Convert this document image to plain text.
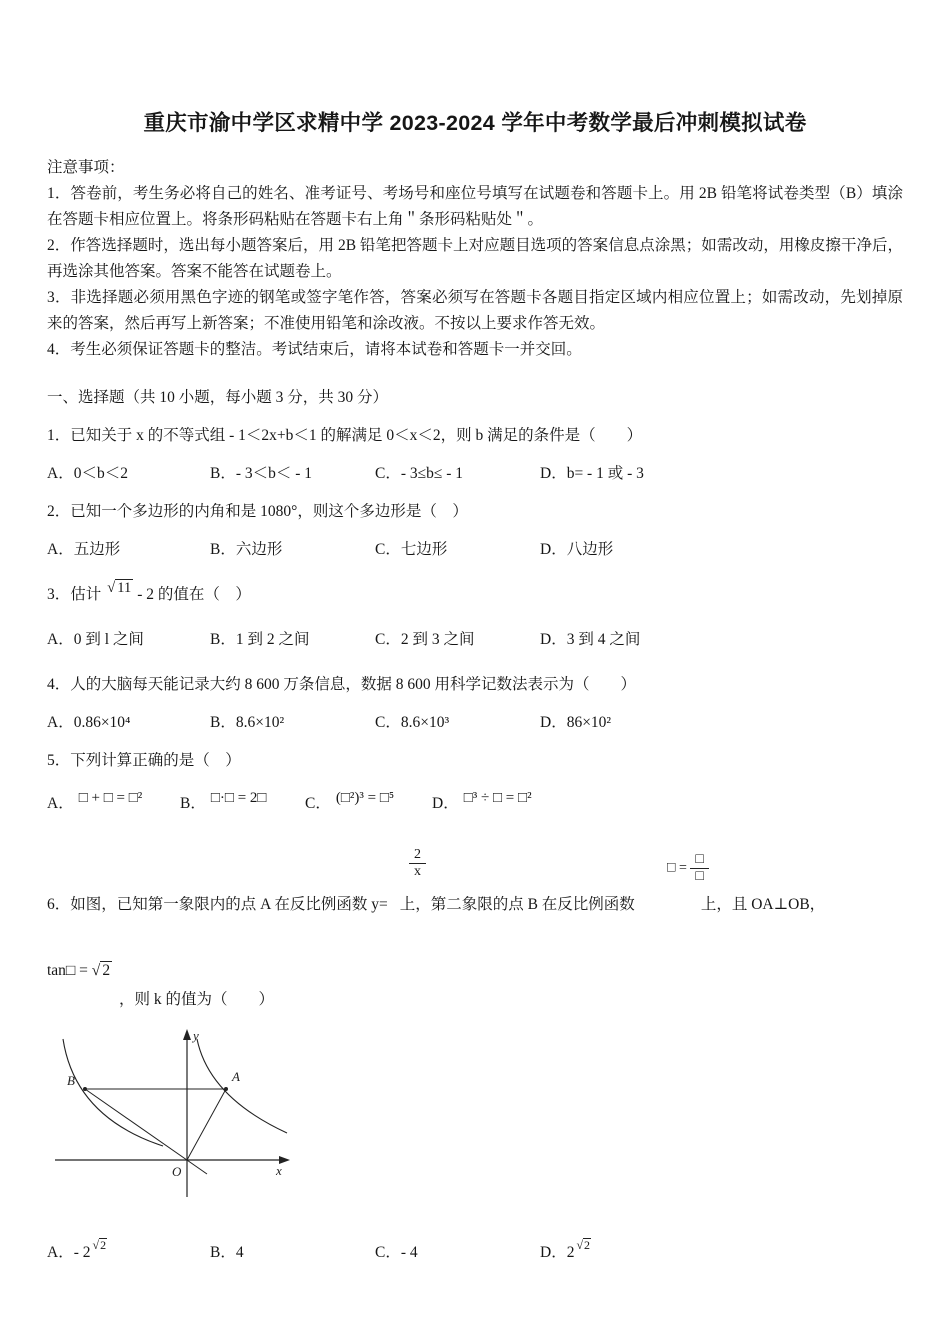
重庆市渝中学区求精中学 2023-2024 学年中考数学最后冲刺模拟试卷

注意事项：

1．答卷前，考生务必将自己的姓名、准考证号、考场号和座位号填写在试题卷和答题卡上。用 2B 铅笔将试卷类型（B）填涂在答题卡相应位置上。将条形码粘贴在答题卡右上角＂条形码粘贴处＂。

2．作答选择题时，选出每小题答案后，用 2B 铅笔把答题卡上对应题目选项的答案信息点涂黑；如需改动，用橡皮擦干净后，再选涂其他答案。答案不能答在试题卷上。

3．非选择题必须用黑色字迹的钢笔或签字笔作答，答案必须写在答题卡各题目指定区域内相应位置上；如需改动，先划掉原来的答案，然后再写上新答案；不准使用铅笔和涂改液。不按以上要求作答无效。

4．考生必须保证答题卡的整洁。考试结束后，请将本试卷和答题卡一并交回。

一、选择题（共 10 小题，每小题 3 分，共 30 分）

1．已知关于 x 的不等式组 - 1＜2x+b＜1 的解满足 0＜x＜2，则 b 满足的条件是（　　）

A．0＜b＜2	B．- 3＜b＜ - 1	C．- 3≤b≤ - 1	D．b= - 1 或 - 3

2．已知一个多边形的内角和是 1080°，则这个多边形是（　）

A．五边形	B．六边形	C．七边形	D．八边形

3．估计 √ 11 - 2 的值在（　）

A．0 到 l 之间	B．1 到 2 之间	C．2 到 3 之间	D．3 到 4 之间

4．人的大脑每天能记录大约 8 600 万条信息，数据 8 600 用科学记数法表示为（　　）

A．0.86×10⁴	B．8.6×10²	C．8.6×10³	D．86×10²

5．下列计算正确的是（　）

A． □ + □ = □²	B． □·□ = 2□	C． (□²)³ = □⁵	D． □³ ÷ □ = □²
$\frac{2}{x}$	□ = $\frac{□}{□}$

6．如图，已知第一象限内的点 A 在反比例函数 y= 上，第二象限的点 B 在反比例函数	上，且 OA⊥OB，

tan□ = √ 2

，则 k 的值为（　　）

y
x
O
B	A
A．- 2 $^{√2}$	B．4	C．- 4	D．2 $^{√2}$
